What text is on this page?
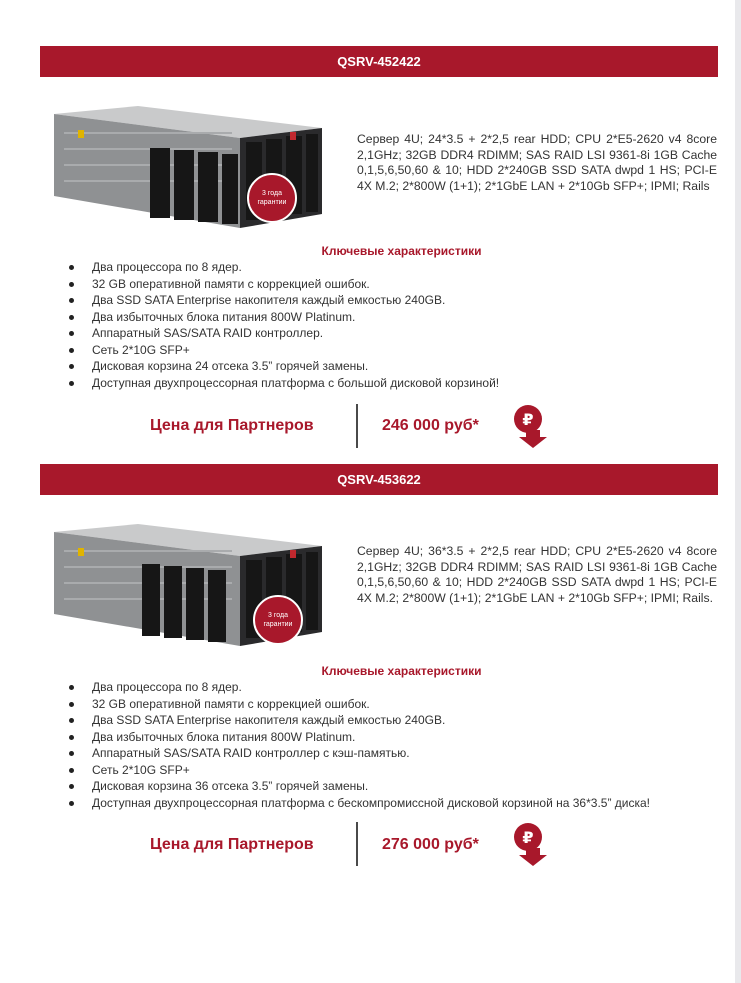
QSRV-452422
3 года
гарантии
Сервер 4U; 24*3.5 + 2*2,5 rear HDD; CPU 2*E5-2620 v4 8core 2,1GHz; 32GB DDR4 RDIMM; SAS RAID LSI 9361-8i 1GB Cache 0,1,5,6,50,60 & 10; HDD 2*240GB SSD SATA dwpd 1 HS; PCI-E 4X M.2; 2*800W (1+1); 2*1GbE LAN + 2*10Gb SFP+; IPMI; Rails
Ключевые характеристики
Два процессора по 8 ядер.
32 GB оперативной памяти с коррекцией ошибок.
Два SSD SATA Enterprise накопителя каждый емкостью 240GB.
Два избыточных блока питания 800W Platinum.
Аппаратный SAS/SATA RAID контроллер.
Сеть 2*10G SFP+
Дисковая корзина 24 отсека 3.5” горячей замены.
Доступная двухпроцессорная платформа с большой дисковой корзиной!
Цена для Партнеров	246 000 руб*	₽
QSRV-453622
3 года
гарантии
Сервер 4U; 36*3.5 + 2*2,5 rear HDD; CPU 2*E5-2620 v4 8core 2,1GHz; 32GB DDR4 RDIMM; SAS RAID LSI 9361-8i 1GB Cache 0,1,5,6,50,60 & 10; HDD 2*240GB SSD SATA dwpd 1 HS; PCI-E 4X M.2; 2*800W (1+1); 2*1GbE LAN + 2*10Gb SFP+; IPMI; Rails.
Ключевые характеристики
Два процессора по 8 ядер.
32 GB оперативной памяти с коррекцией ошибок.
Два SSD SATA Enterprise накопителя каждый емкостью 240GB.
Два избыточных блока питания 800W Platinum.
Аппаратный SAS/SATA RAID контроллер с кэш-памятью.
Сеть 2*10G SFP+
Дисковая корзина 36 отсека 3.5” горячей замены.
Доступная двухпроцессорная платформа с бескомпромиссной дисковой корзиной на 36*3.5” диска!
Цена для Партнеров	276 000 руб*	₽
